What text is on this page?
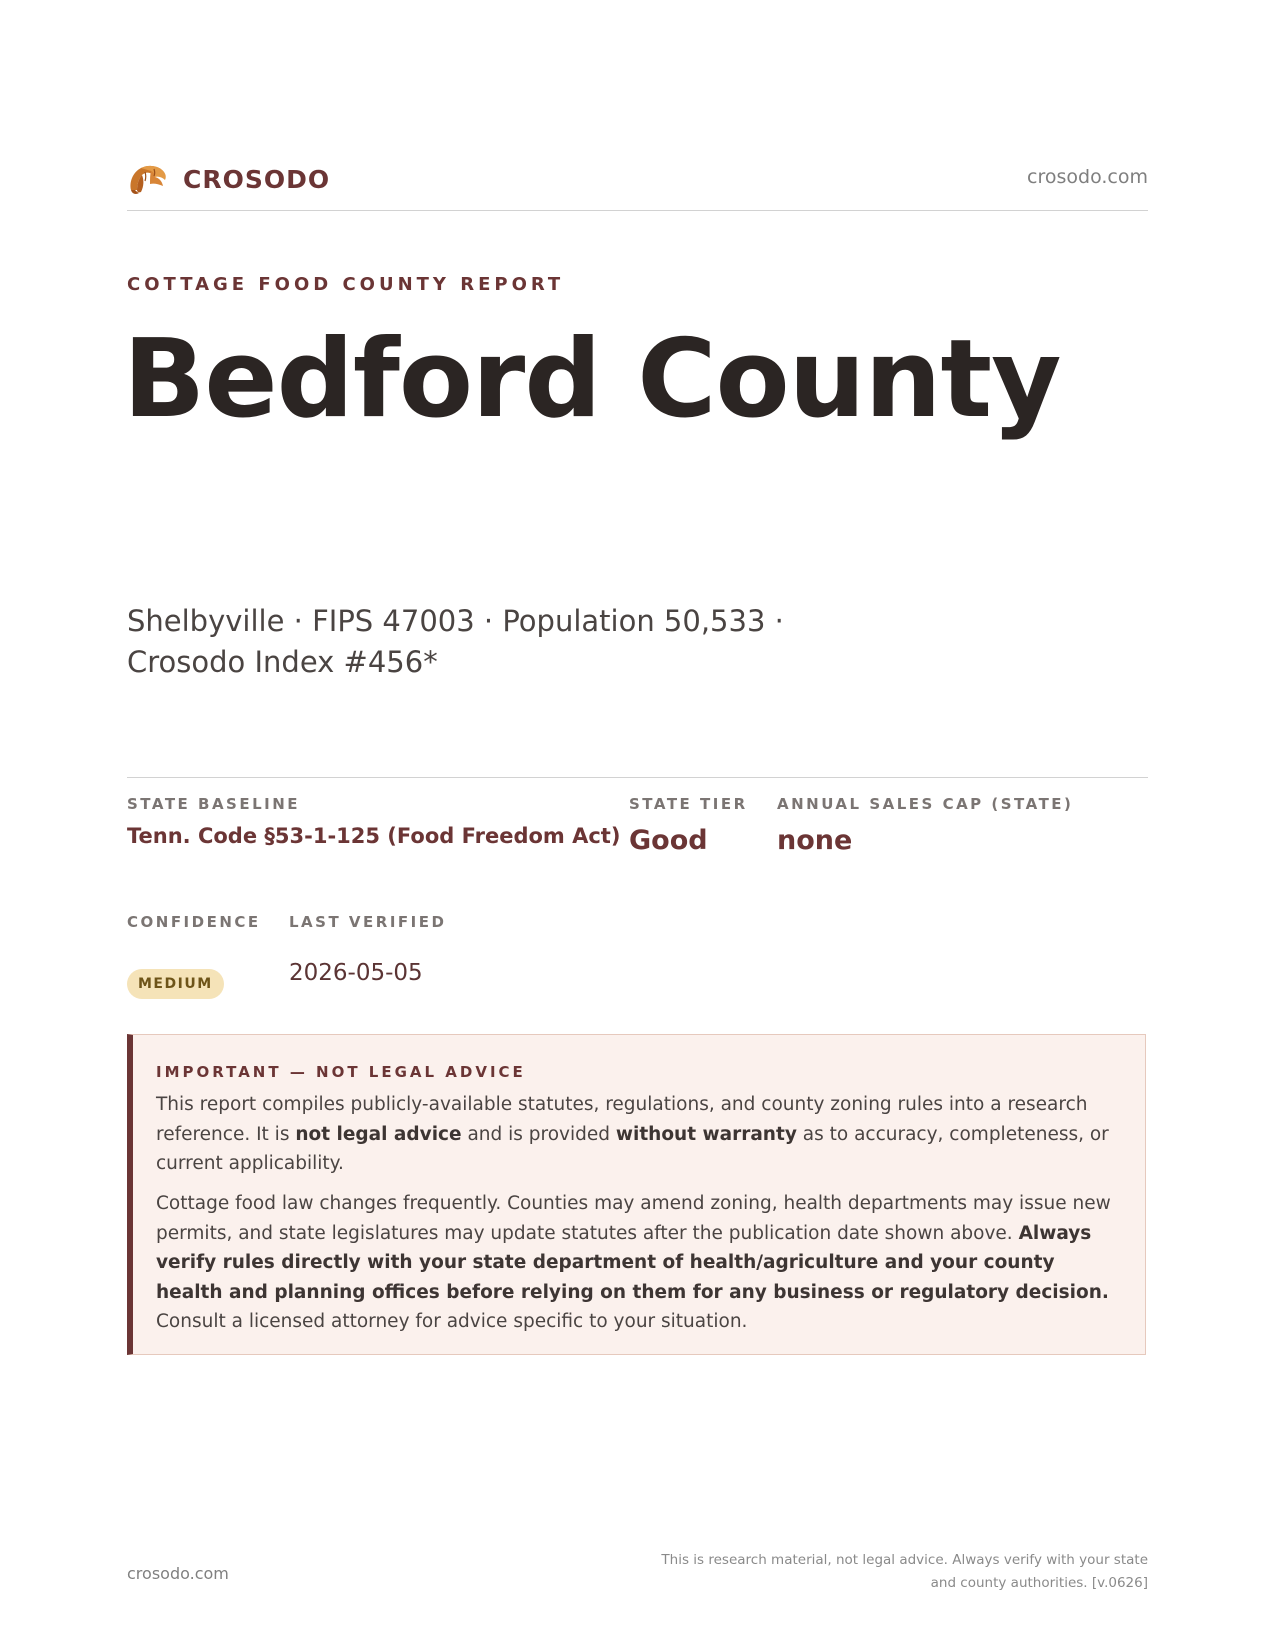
CROSODO	crosodo.com
COTTAGE FOOD COUNTY REPORT
Bedford County
Shelbyville · FIPS 47003 · Population 50,533 · Crosodo Index #456*
STATE BASELINE
Tenn. Code §53-1-125 (Food Freedom Act)
STATE TIER
Good
ANNUAL SALES CAP (STATE)
none
CONFIDENCE
MEDIUM
LAST VERIFIED
2026-05-05
IMPORTANT — NOT LEGAL ADVICE

This report compiles publicly-available statutes, regulations, and county zoning rules into a research reference. It is not legal advice and is provided without warranty as to accuracy, completeness, or current applicability.

Cottage food law changes frequently. Counties may amend zoning, health departments may issue new permits, and state legislatures may update statutes after the publication date shown above. Always verify rules directly with your state department of health/agriculture and your county health and planning offices before relying on them for any business or regulatory decision. Consult a licensed attorney for advice specific to your situation.

crosodo.com
This is research material, not legal advice. Always verify with your state
and county authorities. [v.0626]
